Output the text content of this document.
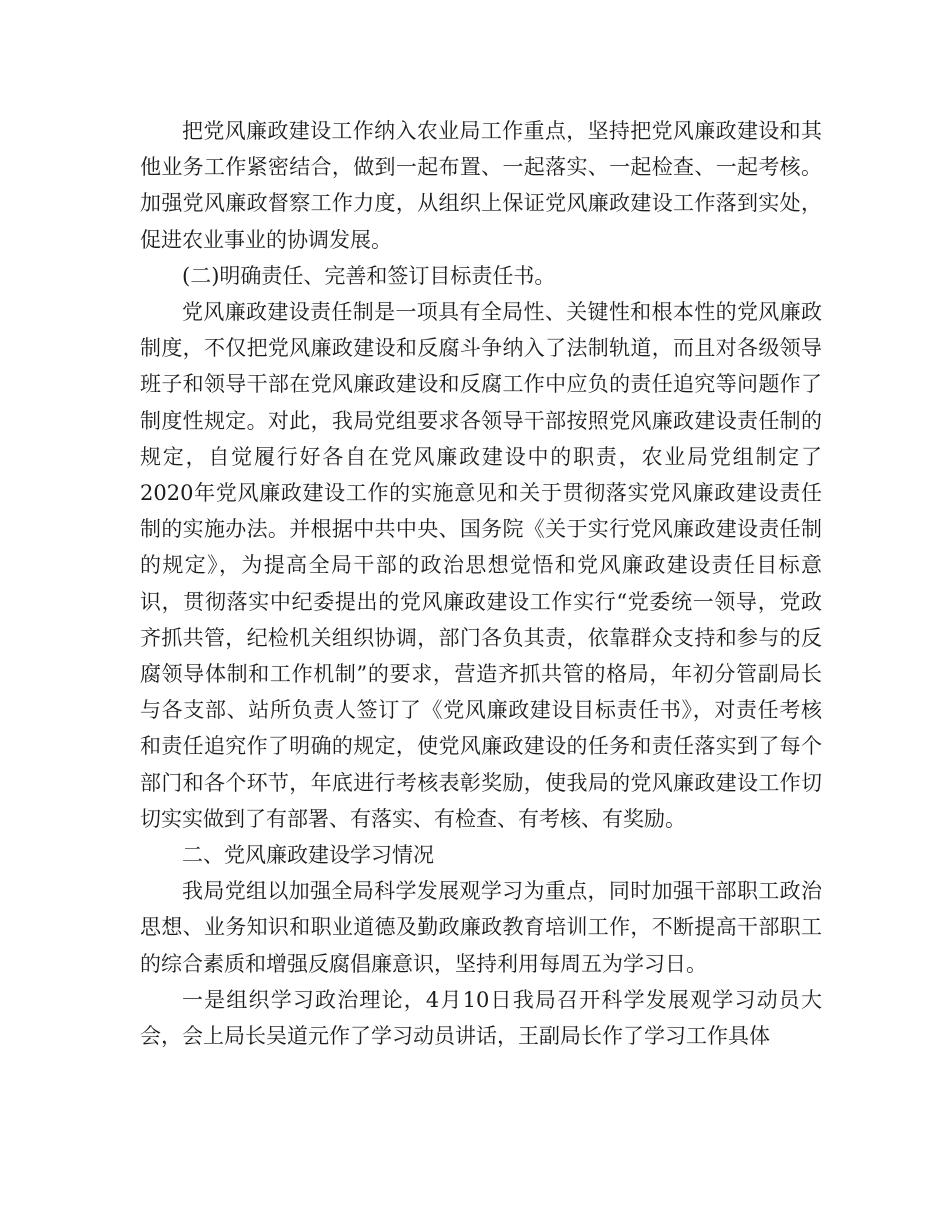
把党风廉政建设工作纳入农业局工作重点，坚持把党风廉政建设和其他业务工作紧密结合，做到一起布置、一起落实、一起检查、一起考核。加强党风廉政督察工作力度，从组织上保证党风廉政建设工作落到实处，促进农业事业的协调发展。

(二)明确责任、完善和签订目标责任书。

党风廉政建设责任制是一项具有全局性、关键性和根本性的党风廉政制度，不仅把党风廉政建设和反腐斗争纳入了法制轨道，而且对各级领导班子和领导干部在党风廉政建设和反腐工作中应负的责任追究等问题作了制度性规定。对此，我局党组要求各领导干部按照党风廉政建设责任制的规定，自觉履行好各自在党风廉政建设中的职责，农业局党组制定了2020年党风廉政建设工作的实施意见和关于贯彻落实党风廉政建设责任制的实施办法。并根据中共中央、国务院《关于实行党风廉政建设责任制的规定》，为提高全局干部的政治思想觉悟和党风廉政建设责任目标意识，贯彻落实中纪委提出的党风廉政建设工作实行“党委统一领导，党政齐抓共管，纪检机关组织协调，部门各负其责，依靠群众支持和参与的反腐领导体制和工作机制”的要求，营造齐抓共管的格局，年初分管副局长与各支部、站所负责人签订了《党风廉政建设目标责任书》，对责任考核和责任追究作了明确的规定，使党风廉政建设的任务和责任落实到了每个部门和各个环节，年底进行考核表彰奖励，使我局的党风廉政建设工作切切实实做到了有部署、有落实、有检查、有考核、有奖励。

二、党风廉政建设学习情况

我局党组以加强全局科学发展观学习为重点，同时加强干部职工政治思想、业务知识和职业道德及勤政廉政教育培训工作，不断提高干部职工的综合素质和增强反腐倡廉意识，坚持利用每周五为学习日。

一是组织学习政治理论，4月10日我局召开科学发展观学习动员大会，会上局长吴道元作了学习动员讲话，王副局长作了学习工作具体
